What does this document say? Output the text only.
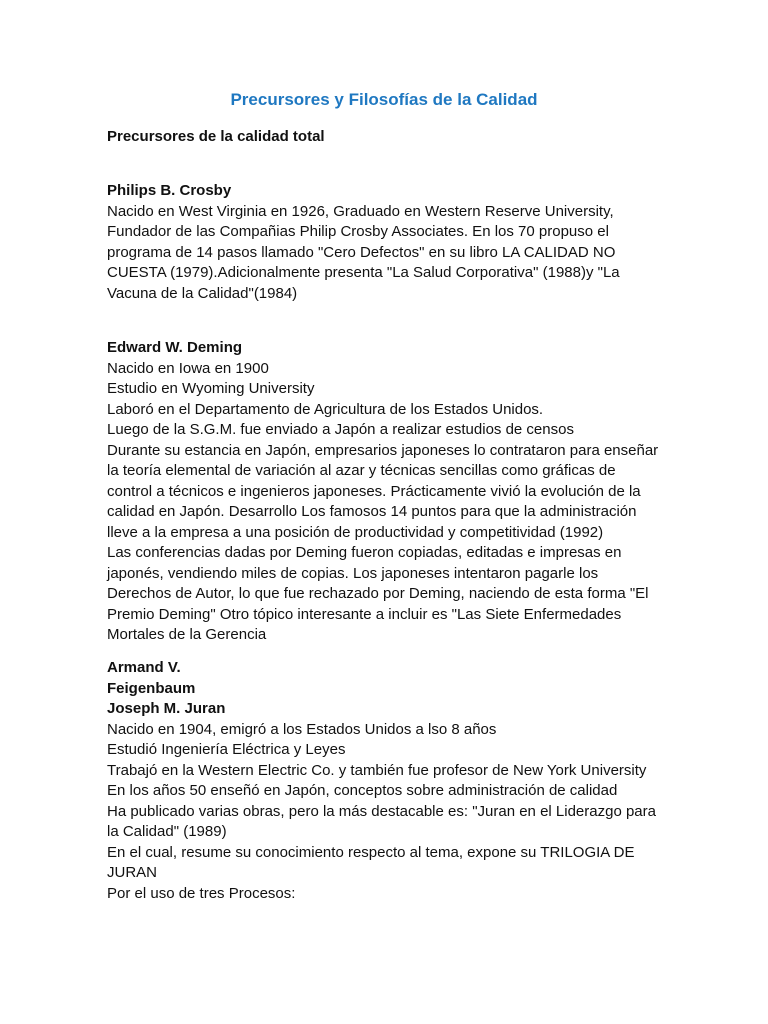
Precursores y Filosofías de la Calidad
Precursores de la calidad total
Philips B. Crosby
Nacido en West Virginia en 1926, Graduado en Western Reserve University,
Fundador de las Compañias Philip Crosby Associates. En los 70 propuso el
programa de 14 pasos llamado "Cero Defectos" en su libro LA CALIDAD NO
CUESTA (1979).Adicionalmente presenta "La Salud Corporativa" (1988)y "La
Vacuna de la Calidad"(1984)
Edward W. Deming
Nacido en Iowa en 1900
Estudio en Wyoming University
Laboró en el Departamento de Agricultura de los Estados Unidos.
Luego de la S.G.M. fue enviado a Japón a realizar estudios de censos
Durante su estancia en Japón, empresarios japoneses lo contrataron para enseñar
la teoría elemental de variación al azar y técnicas sencillas como gráficas de
control a técnicos e ingenieros japoneses. Prácticamente vivió la evolución de la
calidad en Japón. Desarrollo Los famosos 14 puntos para que la administración
lleve a la empresa a una posición de productividad y competitividad (1992)
Las conferencias dadas por Deming fueron copiadas, editadas e impresas en
japonés, vendiendo miles de copias. Los japoneses intentaron pagarle los
Derechos de Autor, lo que fue rechazado por Deming, naciendo de esta forma "El
Premio Deming" Otro tópico interesante a incluir es "Las Siete Enfermedades
Mortales de la Gerencia
Armand V.
Feigenbaum
Joseph M. Juran
Nacido en 1904, emigró a los Estados Unidos a lso 8 años
Estudió Ingeniería Eléctrica y Leyes
Trabajó en la Western Electric Co. y también fue profesor de New York University
En los años 50 enseñó en Japón, conceptos sobre administración de calidad
Ha publicado varias obras, pero la más destacable es: "Juran en el Liderazgo para
la Calidad" (1989)
En el cual, resume su conocimiento respecto al tema, expone su TRILOGIA DE
JURAN
Por el uso de tres Procesos:
